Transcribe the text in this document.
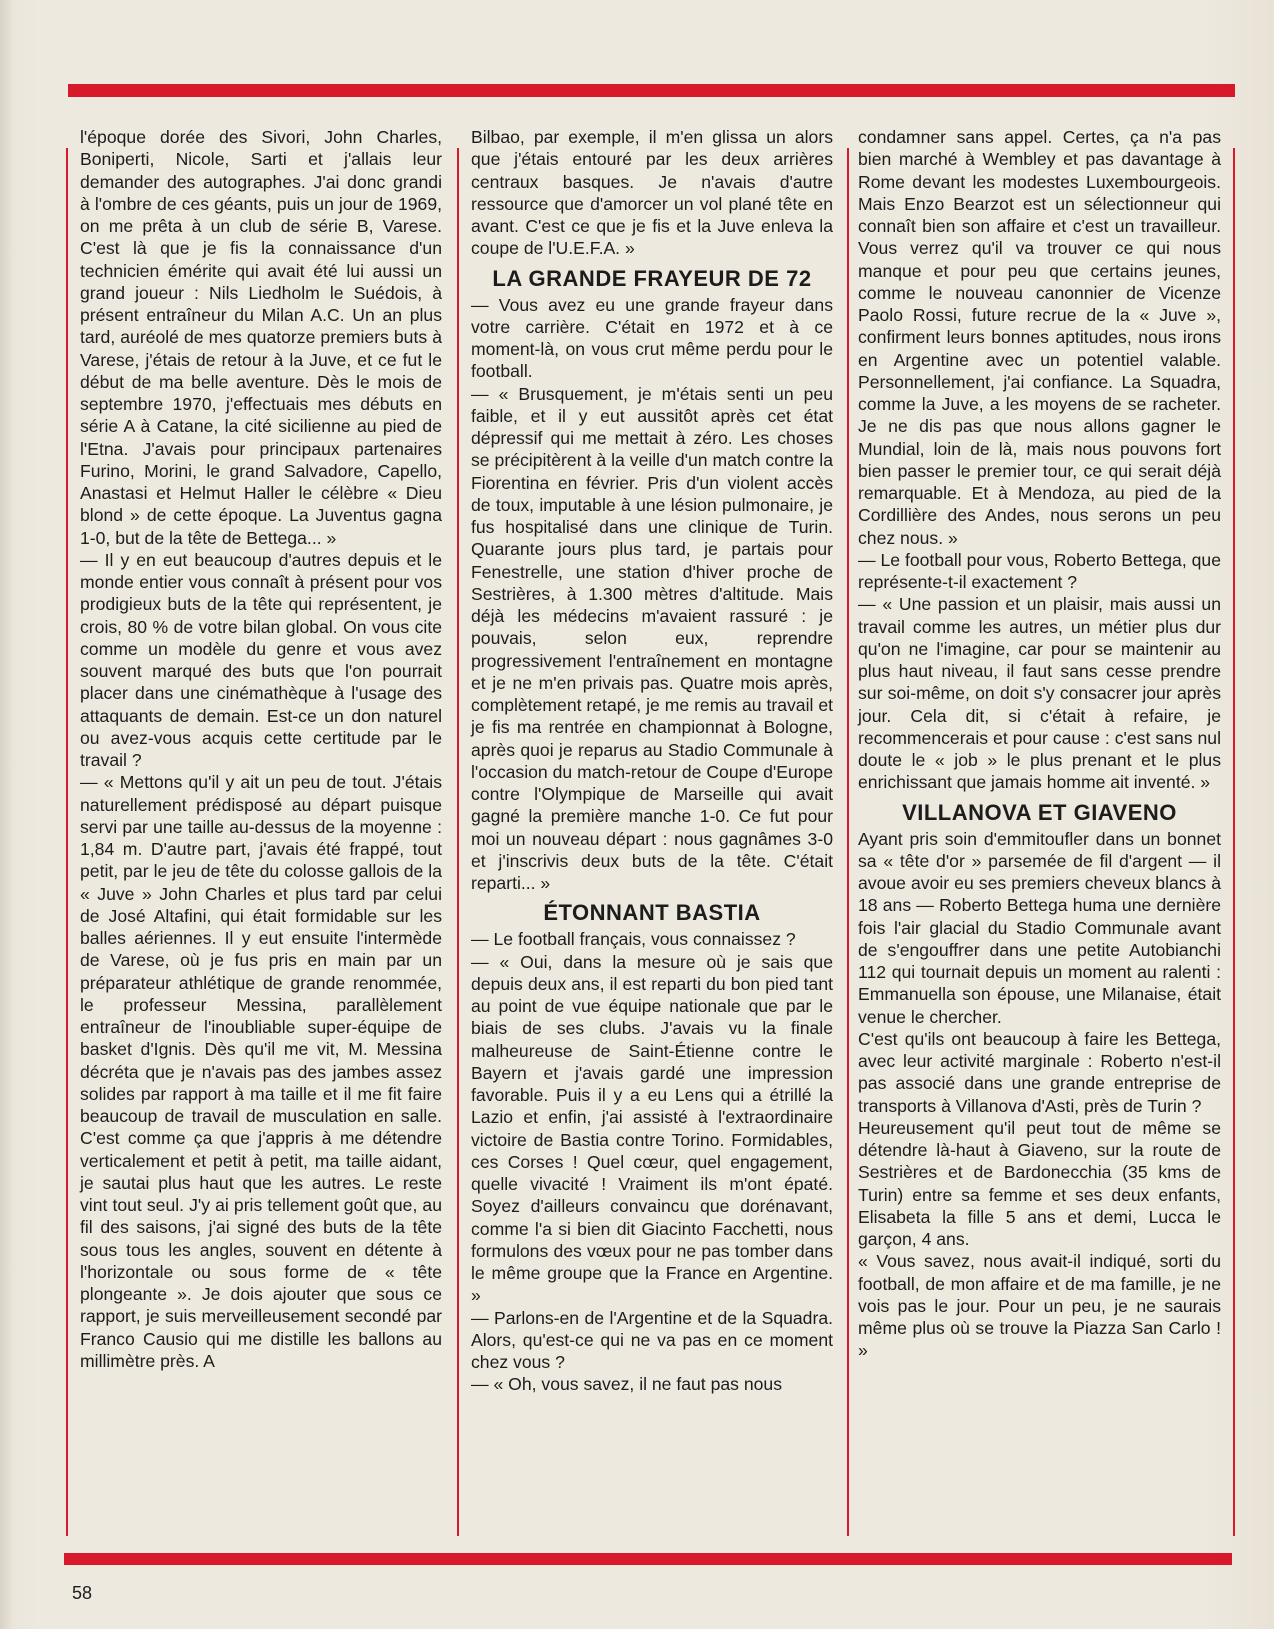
l'époque dorée des Sivori, John Charles, Boniperti, Nicole, Sarti et j'allais leur demander des autographes. J'ai donc grandi à l'ombre de ces géants, puis un jour de 1969, on me prêta à un club de série B, Varese. C'est là que je fis la connaissance d'un technicien émérite qui avait été lui aussi un grand joueur : Nils Liedholm le Suédois, à présent entraîneur du Milan A.C. Un an plus tard, auréolé de mes quatorze premiers buts à Varese, j'étais de retour à la Juve, et ce fut le début de ma belle aventure. Dès le mois de septembre 1970, j'effectuais mes débuts en série A à Catane, la cité sicilienne au pied de l'Etna. J'avais pour principaux partenaires Furino, Morini, le grand Salvadore, Capello, Anastasi et Helmut Haller le célèbre « Dieu blond » de cette époque. La Juventus gagna 1-0, but de la tête de Bettega... »

— Il y en eut beaucoup d'autres depuis et le monde entier vous connaît à présent pour vos prodigieux buts de la tête qui représentent, je crois, 80 % de votre bilan global. On vous cite comme un modèle du genre et vous avez souvent marqué des buts que l'on pourrait placer dans une cinémathèque à l'usage des attaquants de demain. Est-ce un don naturel ou avez-vous acquis cette certitude par le travail ?

— « Mettons qu'il y ait un peu de tout. J'étais naturellement prédisposé au départ puisque servi par une taille au-dessus de la moyenne : 1,84 m. D'autre part, j'avais été frappé, tout petit, par le jeu de tête du colosse gallois de la « Juve » John Charles et plus tard par celui de José Altafini, qui était formidable sur les balles aériennes. Il y eut ensuite l'intermède de Varese, où je fus pris en main par un préparateur athlétique de grande renommée, le professeur Messina, parallèlement entraîneur de l'inoubliable super-équipe de basket d'Ignis. Dès qu'il me vit, M. Messina décréta que je n'avais pas des jambes assez solides par rapport à ma taille et il me fit faire beaucoup de travail de musculation en salle. C'est comme ça que j'appris à me détendre verticalement et petit à petit, ma taille aidant, je sautai plus haut que les autres. Le reste vint tout seul. J'y ai pris tellement goût que, au fil des saisons, j'ai signé des buts de la tête sous tous les angles, souvent en détente à l'horizontale ou sous forme de « tête plongeante ». Je dois ajouter que sous ce rapport, je suis merveilleusement secondé par Franco Causio qui me distille les ballons au millimètre près. A

Bilbao, par exemple, il m'en glissa un alors que j'étais entouré par les deux arrières centraux basques. Je n'avais d'autre ressource que d'amorcer un vol plané tête en avant. C'est ce que je fis et la Juve enleva la coupe de l'U.E.F.A. »

LA GRANDE FRAYEUR DE 72

— Vous avez eu une grande frayeur dans votre carrière. C'était en 1972 et à ce moment-là, on vous crut même perdu pour le football.

— « Brusquement, je m'étais senti un peu faible, et il y eut aussitôt après cet état dépressif qui me mettait à zéro. Les choses se précipitèrent à la veille d'un match contre la Fiorentina en février. Pris d'un violent accès de toux, imputable à une lésion pulmonaire, je fus hospitalisé dans une clinique de Turin. Quarante jours plus tard, je partais pour Fenestrelle, une station d'hiver proche de Sestrières, à 1.300 mètres d'altitude. Mais déjà les médecins m'avaient rassuré : je pouvais, selon eux, reprendre progressivement l'entraînement en montagne et je ne m'en privais pas. Quatre mois après, complètement retapé, je me remis au travail et je fis ma rentrée en championnat à Bologne, après quoi je reparus au Stadio Communale à l'occasion du match-retour de Coupe d'Europe contre l'Olympique de Marseille qui avait gagné la première manche 1-0. Ce fut pour moi un nouveau départ : nous gagnâmes 3-0 et j'inscrivis deux buts de la tête. C'était reparti... »

ÉTONNANT BASTIA

— Le football français, vous connaissez ?

— « Oui, dans la mesure où je sais que depuis deux ans, il est reparti du bon pied tant au point de vue équipe nationale que par le biais de ses clubs. J'avais vu la finale malheureuse de Saint-Étienne contre le Bayern et j'avais gardé une impression favorable. Puis il y a eu Lens qui a étrillé la Lazio et enfin, j'ai assisté à l'extraordinaire victoire de Bastia contre Torino. Formidables, ces Corses ! Quel cœur, quel engagement, quelle vivacité ! Vraiment ils m'ont épaté. Soyez d'ailleurs convaincu que dorénavant, comme l'a si bien dit Giacinto Facchetti, nous formulons des vœux pour ne pas tomber dans le même groupe que la France en Argentine. »

— Parlons-en de l'Argentine et de la Squadra. Alors, qu'est-ce qui ne va pas en ce moment chez vous ?

— « Oh, vous savez, il ne faut pas nous

condamner sans appel. Certes, ça n'a pas bien marché à Wembley et pas davantage à Rome devant les modestes Luxembourgeois. Mais Enzo Bearzot est un sélectionneur qui connaît bien son affaire et c'est un travailleur. Vous verrez qu'il va trouver ce qui nous manque et pour peu que certains jeunes, comme le nouveau canonnier de Vicenze Paolo Rossi, future recrue de la « Juve », confirment leurs bonnes aptitudes, nous irons en Argentine avec un potentiel valable. Personnellement, j'ai confiance. La Squadra, comme la Juve, a les moyens de se racheter. Je ne dis pas que nous allons gagner le Mundial, loin de là, mais nous pouvons fort bien passer le premier tour, ce qui serait déjà remarquable. Et à Mendoza, au pied de la Cordillière des Andes, nous serons un peu chez nous. »

— Le football pour vous, Roberto Bettega, que représente-t-il exactement ?

— « Une passion et un plaisir, mais aussi un travail comme les autres, un métier plus dur qu'on ne l'imagine, car pour se maintenir au plus haut niveau, il faut sans cesse prendre sur soi-même, on doit s'y consacrer jour après jour. Cela dit, si c'était à refaire, je recommencerais et pour cause : c'est sans nul doute le « job » le plus prenant et le plus enrichissant que jamais homme ait inventé. »

VILLANOVA ET GIAVENO

Ayant pris soin d'emmitoufler dans un bonnet sa « tête d'or » parsemée de fil d'argent — il avoue avoir eu ses premiers cheveux blancs à 18 ans — Roberto Bettega huma une dernière fois l'air glacial du Stadio Communale avant de s'engouffrer dans une petite Autobianchi 112 qui tournait depuis un moment au ralenti : Emmanuella son épouse, une Milanaise, était venue le chercher.

C'est qu'ils ont beaucoup à faire les Bettega, avec leur activité marginale : Roberto n'est-il pas associé dans une grande entreprise de transports à Villanova d'Asti, près de Turin ?

Heureusement qu'il peut tout de même se détendre là-haut à Giaveno, sur la route de Sestrières et de Bardonecchia (35 kms de Turin) entre sa femme et ses deux enfants, Elisabeta la fille 5 ans et demi, Lucca le garçon, 4 ans.

« Vous savez, nous avait-il indiqué, sorti du football, de mon affaire et de ma famille, je ne vois pas le jour. Pour un peu, je ne saurais même plus où se trouve la Piazza San Carlo ! »

58
